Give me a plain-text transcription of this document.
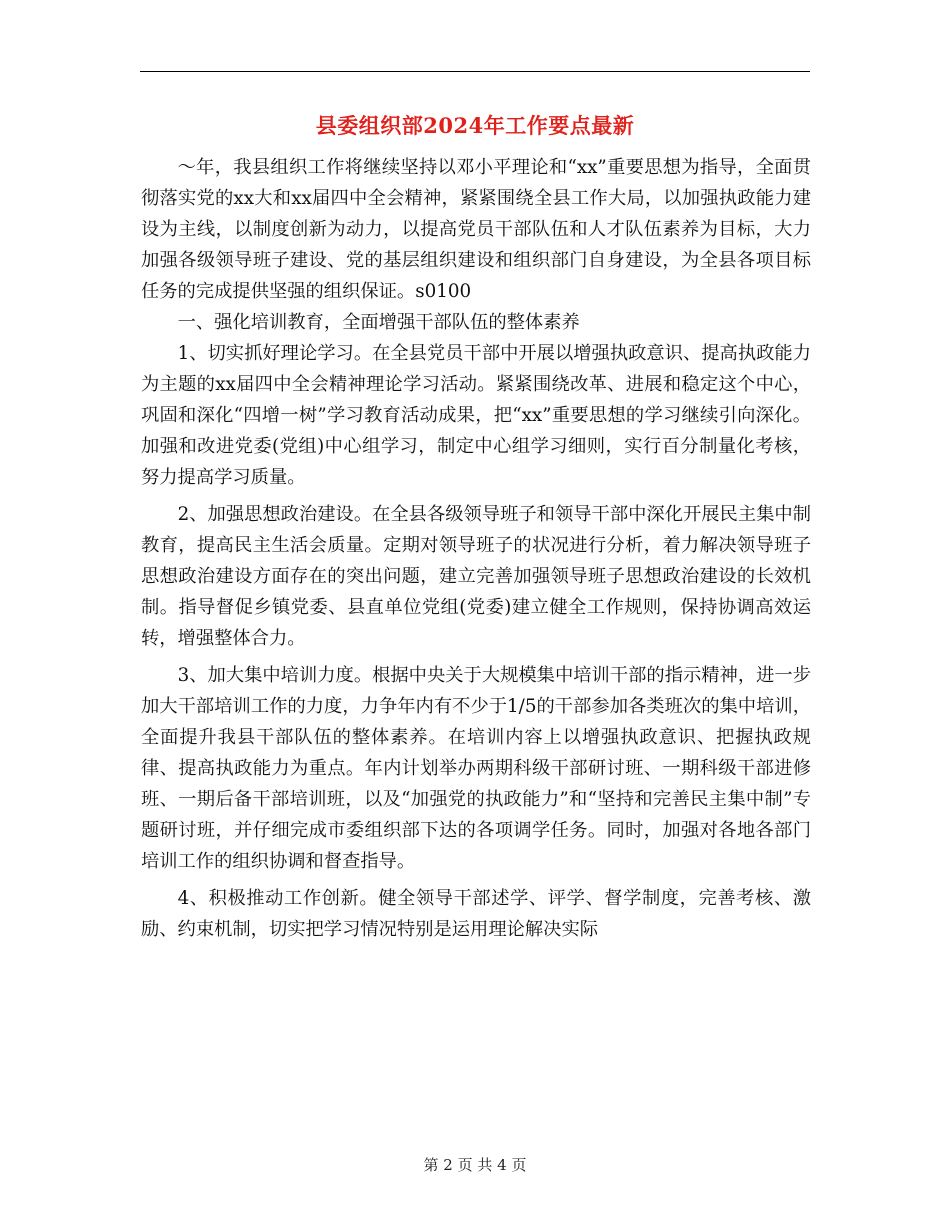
县委组织部2024年工作要点最新

～年，我县组织工作将继续坚持以邓小平理论和“xx”重要思想为指导，全面贯彻落实党的xx大和xx届四中全会精神，紧紧围绕全县工作大局，以加强执政能力建设为主线，以制度创新为动力，以提高党员干部队伍和人才队伍素养为目标，大力加强各级领导班子建设、党的基层组织建设和组织部门自身建设，为全县各项目标任务的完成提供坚强的组织保证。s0100

一、强化培训教育，全面增强干部队伍的整体素养

1、切实抓好理论学习。在全县党员干部中开展以增强执政意识、提高执政能力为主题的xx届四中全会精神理论学习活动。紧紧围绕改革、进展和稳定这个中心，巩固和深化“四增一树”学习教育活动成果，把“xx”重要思想的学习继续引向深化。加强和改进党委(党组)中心组学习，制定中心组学习细则，实行百分制量化考核，努力提高学习质量。

2、加强思想政治建设。在全县各级领导班子和领导干部中深化开展民主集中制教育，提高民主生活会质量。定期对领导班子的状况进行分析，着力解决领导班子思想政治建设方面存在的突出问题，建立完善加强领导班子思想政治建设的长效机制。指导督促乡镇党委、县直单位党组(党委)建立健全工作规则，保持协调高效运转，增强整体合力。

3、加大集中培训力度。根据中央关于大规模集中培训干部的指示精神，进一步加大干部培训工作的力度，力争年内有不少于1/5的干部参加各类班次的集中培训，全面提升我县干部队伍的整体素养。在培训内容上以增强执政意识、把握执政规律、提高执政能力为重点。年内计划举办两期科级干部研讨班、一期科级干部进修班、一期后备干部培训班，以及“加强党的执政能力”和“坚持和完善民主集中制”专题研讨班，并仔细完成市委组织部下达的各项调学任务。同时，加强对各地各部门培训工作的组织协调和督查指导。

4、积极推动工作创新。健全领导干部述学、评学、督学制度，完善考核、激励、约束机制，切实把学习情况特别是运用理论解决实际

第 2 页 共 4 页
